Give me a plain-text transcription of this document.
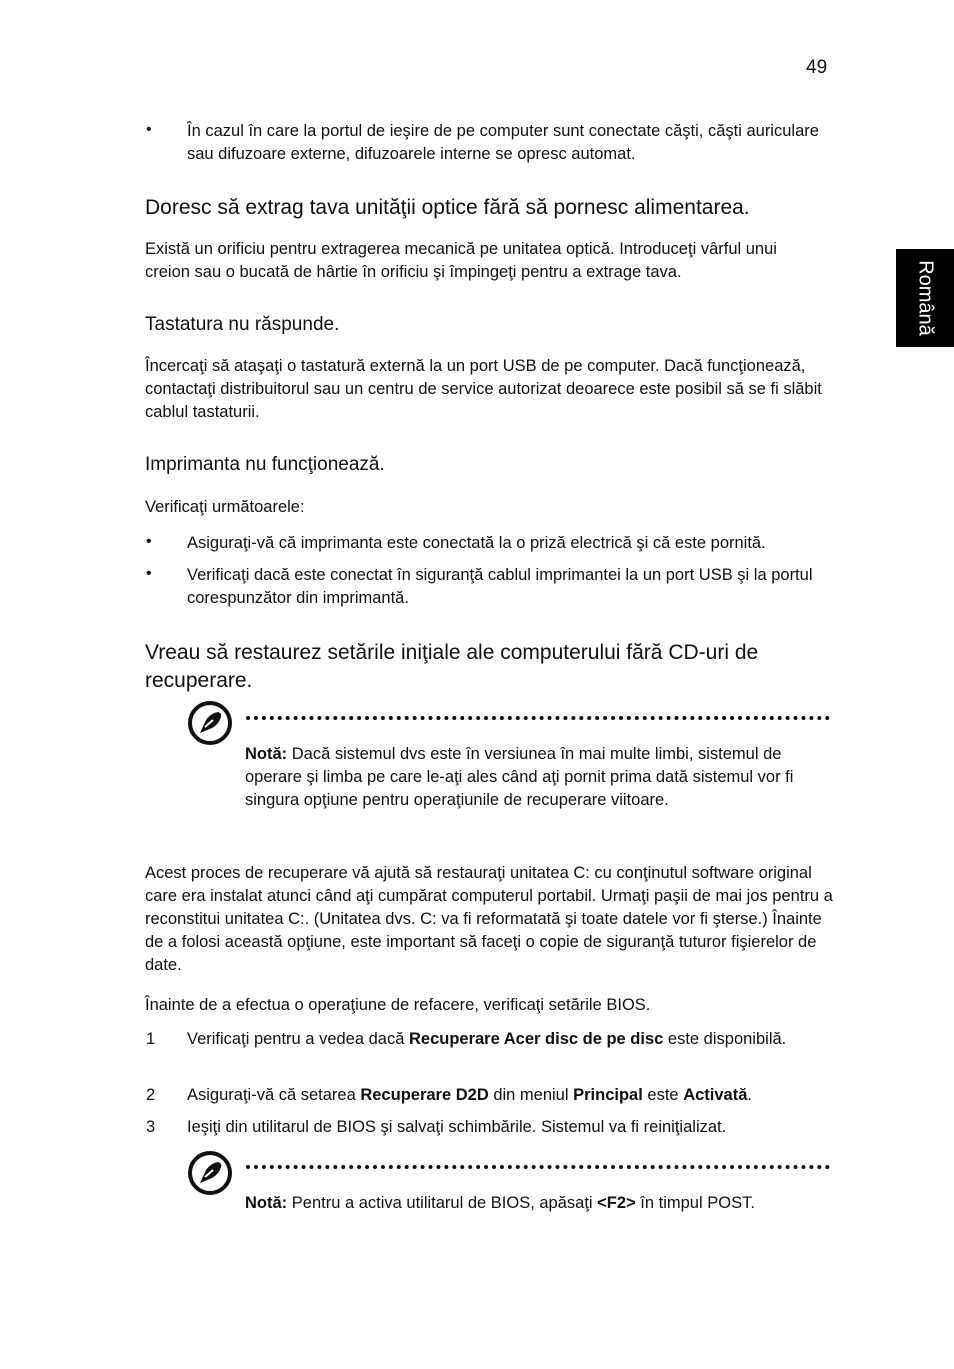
49
Română
• În cazul în care la portul de ieşire de pe computer sunt conectate căşti, căşti auriculare sau difuzoare externe, difuzoarele interne se opresc automat.
Doresc să extrag tava unităţii optice fără să pornesc alimentarea.
Există un orificiu pentru extragerea mecanică pe unitatea optică. Introduceţi vârful unui creion sau o bucată de hârtie în orificiu şi împingeţi pentru a extrage tava.
Tastatura nu răspunde.
Încercaţi să ataşaţi o tastatură externă la un port USB de pe computer. Dacă funcţionează, contactaţi distribuitorul sau un centru de service autorizat deoarece este posibil să se fi slăbit cablul tastaturii.
Imprimanta nu funcţionează.
Verificaţi următoarele:
• Asiguraţi-vă că imprimanta este conectată la o priză electrică şi că este pornită.
• Verificaţi dacă este conectat în siguranţă cablul imprimantei la un port USB şi la portul corespunzător din imprimantă.
Vreau să restaurez setările iniţiale ale computerului fără CD-uri de recuperare.
Notă: Dacă sistemul dvs este în versiunea în mai multe limbi, sistemul de operare şi limba pe care le-aţi ales când aţi pornit prima dată sistemul vor fi singura opţiune pentru operaţiunile de recuperare viitoare.
Acest proces de recuperare vă ajută să restauraţi unitatea C: cu conţinutul software original care era instalat atunci când aţi cumpărat computerul portabil. Urmaţi paşii de mai jos pentru a reconstitui unitatea C:. (Unitatea dvs. C: va fi reformatată şi toate datele vor fi şterse.) Înainte de a folosi această opţiune, este important să faceţi o copie de siguranţă tuturor fişierelor de date.
Înainte de a efectua o operaţiune de refacere, verificaţi setările BIOS.
1 Verificaţi pentru a vedea dacă Recuperare Acer disc de pe disc este disponibilă.
2 Asiguraţi-vă că setarea Recuperare D2D din meniul Principal este Activată.
3 Ieşiţi din utilitarul de BIOS şi salvaţi schimbările. Sistemul va fi reiniţializat.
Notă: Pentru a activa utilitarul de BIOS, apăsaţi <F2> în timpul POST.
